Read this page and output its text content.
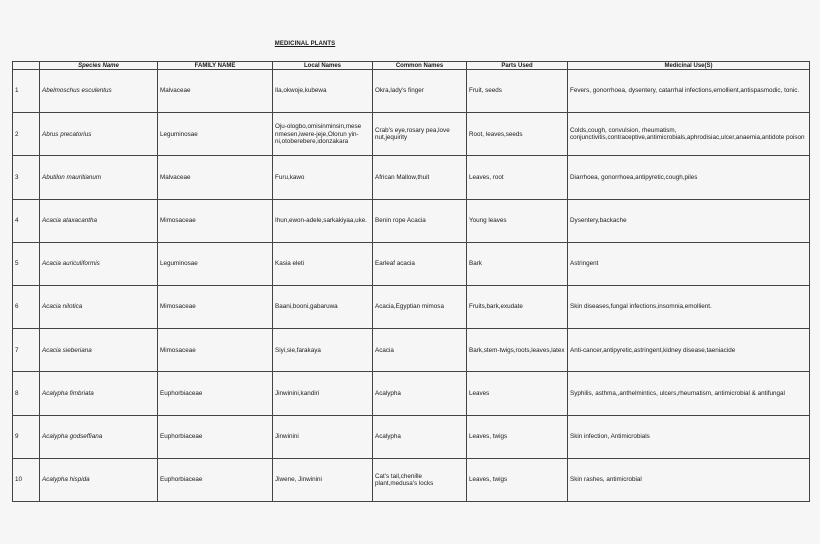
MEDICINAL PLANTS
	Species Name	FAMILY NAME	Local Names	Common Names	Parts Used	Medicinal Use(S)
1	Abelmoschus esculentus	Malvaceae	Ila,okwoje,kubewa	Okra,lady's finger	Fruit, seeds	Fevers, gonorrhoea, dysentery, catarrhal infections,emollient,antispasmodic, tonic.
2	Abrus precatorius	Leguminosae	Oju-ologbo,omisinminsin,mese nmesen,iwere-jeje,Olorun yin-ni,otoberebere,idonzakara	Crab's eye,rosary pea,love nut,jequirity	Root, leaves,seeds	Colds,cough, convulsion, rheumatism, conjunctivitis,contraceptive,antimicrobials,aphrodisiac,ulcer,anaemia,antidote poison
3	Abutilon mauritianum	Malvaceae	Furu,kawo	African Mallow,thuit	Leaves, root	Diarrhoea, gonorrhoea,antipyretic,cough,piles
4	Acacia ataxacantha	Mimosaceae	Ihun,ewon-adele,sarkakiyaa,uke.	Benin rope Acacia	Young leaves	Dysentery,backache
5	Acacia auriculiformis	Leguminosae	Kasia eleti	Earleaf acacia	Bark	Astringent
6	Acacia nilotica	Mimosaceae	Baani,booni,gabaruwa	Acacia,Egyptian mimosa	Fruits,bark,exudate	Skin diseases,fungal infections,insomnia,emollient.
7	Acacia sieberiana	Mimosaceae	Siyi,sie,farakaya	Acacia	Bark,stem-twigs,roots,leaves,latex	Anti-cancer,antipyretic,astringent,kidney disease,taeniacide
8	Acalypha fimbriata	Euphorbiaceae	Jinwinini,kandiri	Acalypha	Leaves	Syphilis, asthma,,anthelmintics, ulcers,rheumatism, antimicrobial & antifungal
9	Acalypha godseffiana	Euphorbiaceae	Jinwinini	Acalypha	Leaves, twigs	Skin infection, Antimicrobials
10	Acalypha hispida	Euphorbiaceae	Jiwene, Jinwinini	Cat's tail,chenille plant,medusa's locks	Leaves, twigs	Skin rashes, antimicrobial
